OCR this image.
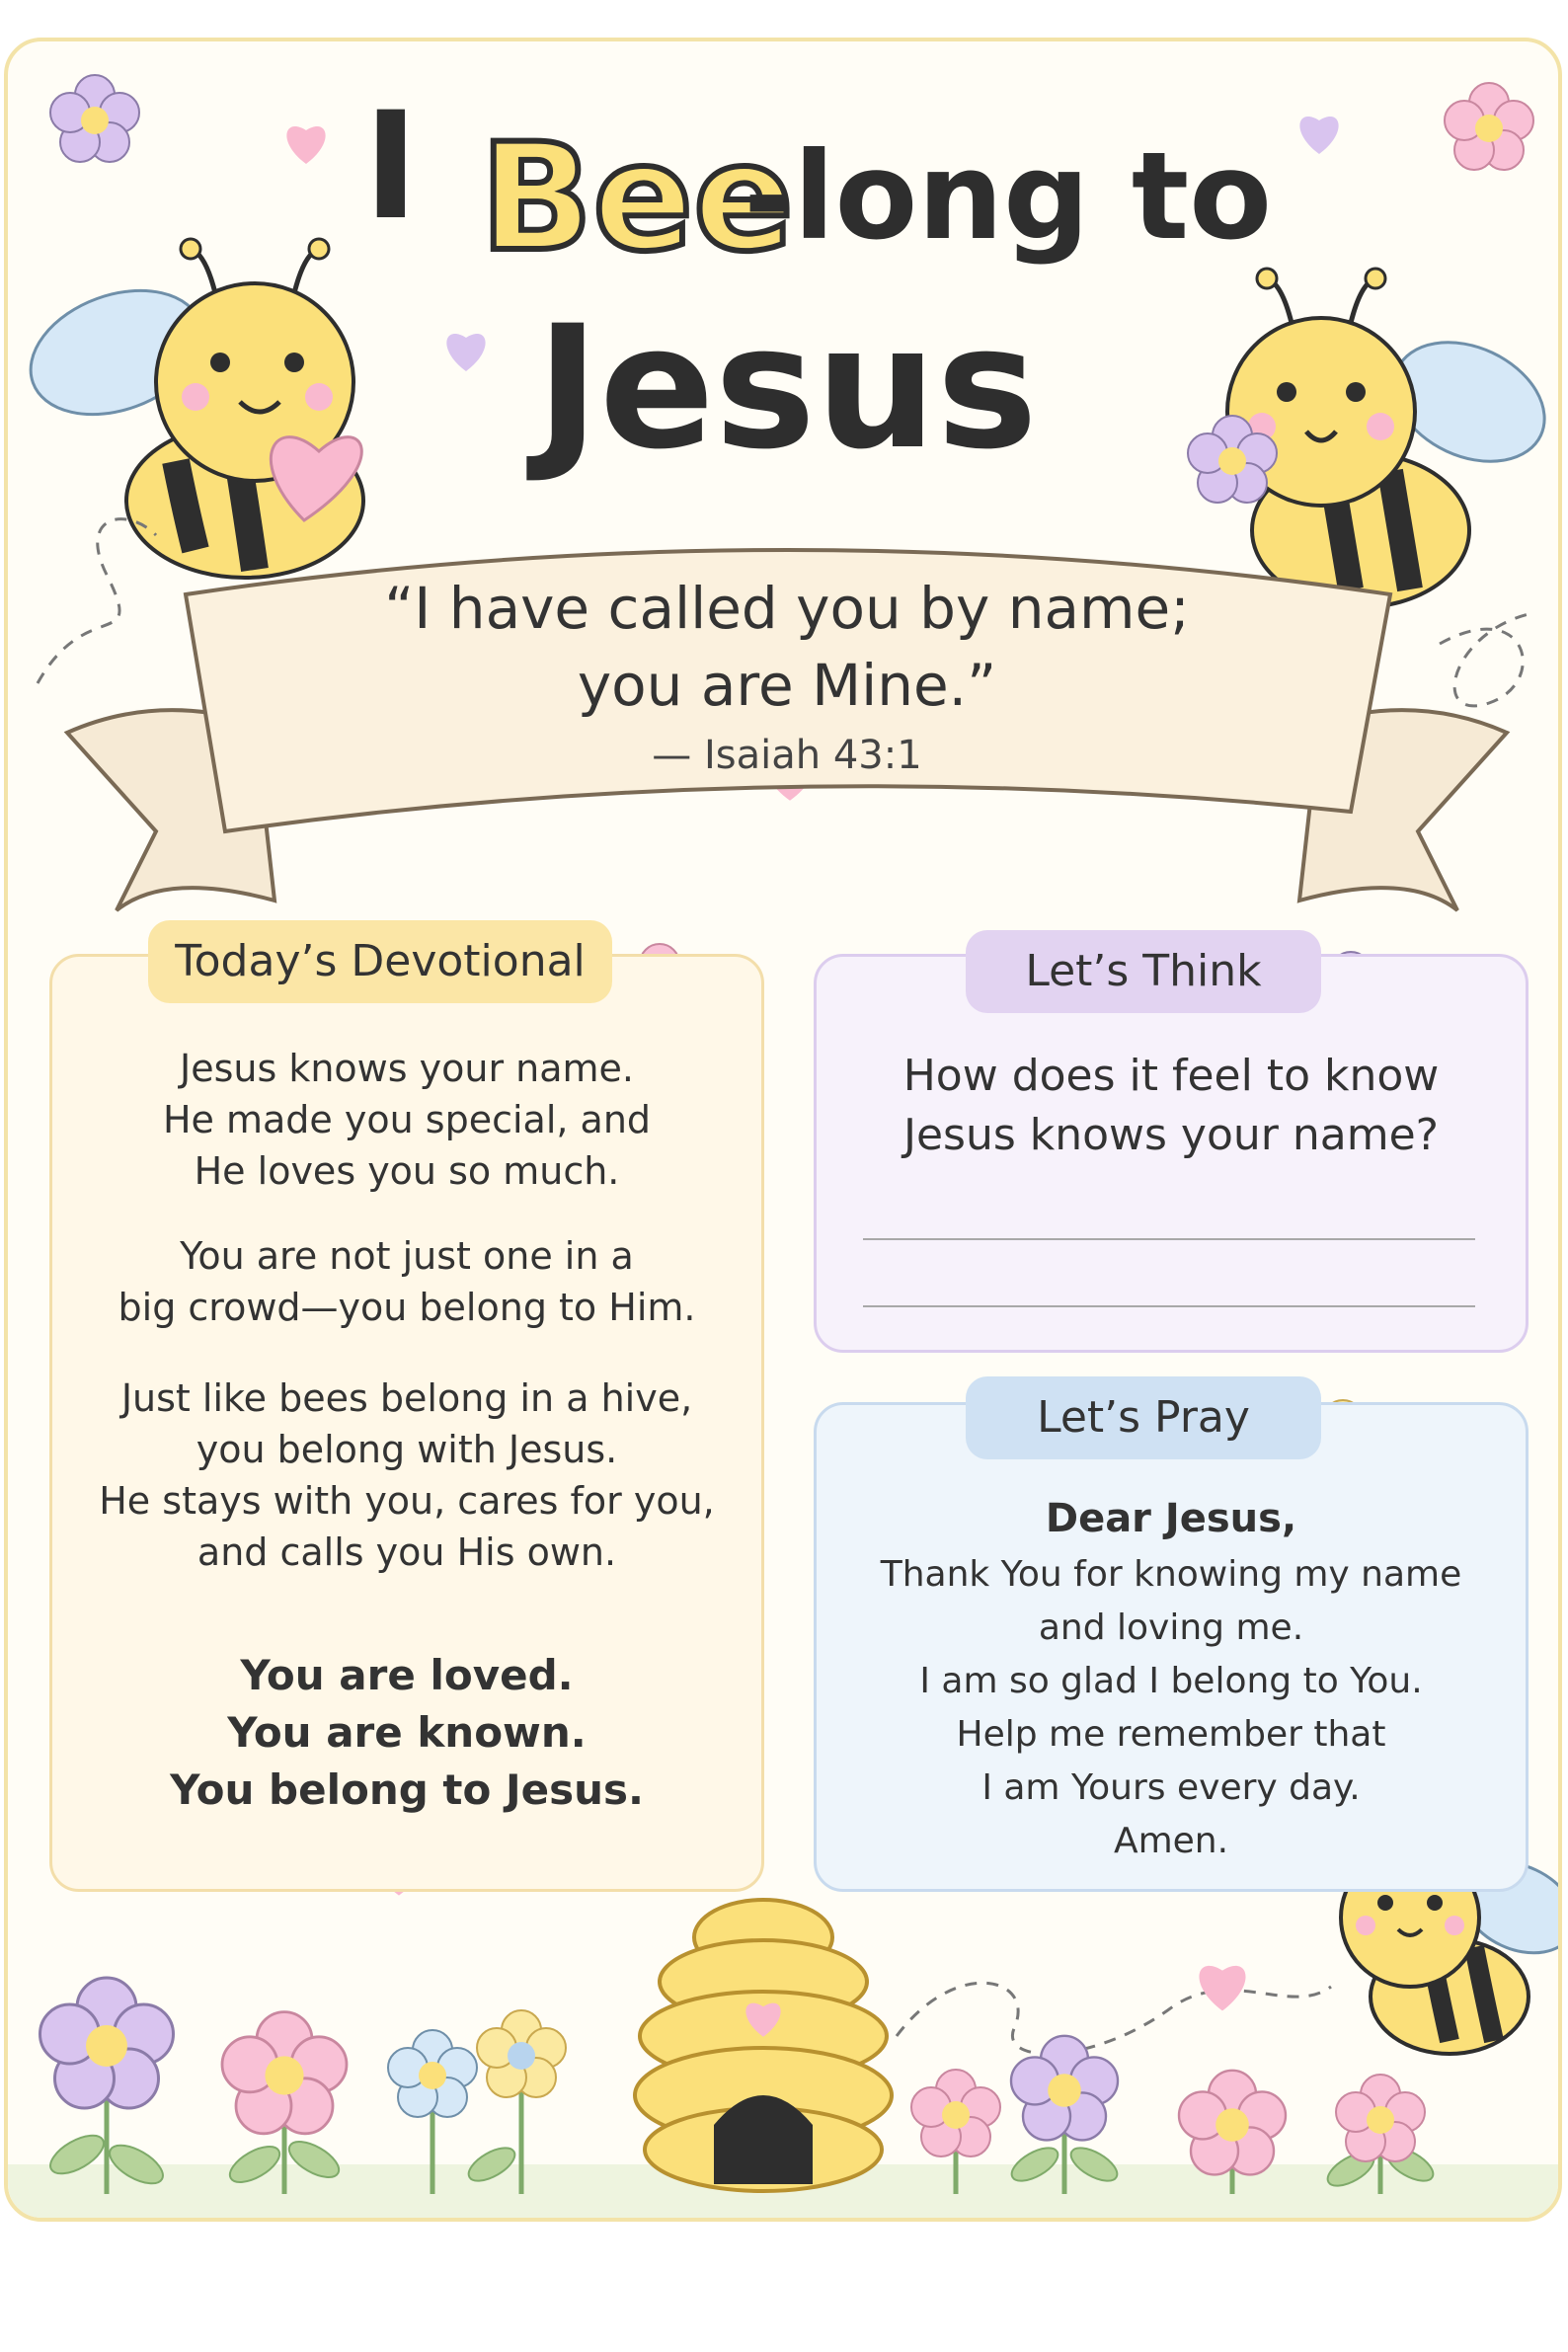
I Bee
-long to
Jesus
“I have called you by name;
you are Mine.”
— Isaiah 43:1
Today’s Devotional
Jesus knows your name.
He made you special, and
He loves you so much.
You are not just one in a
big crowd—you belong to Him.
Just like bees belong in a hive,
you belong with Jesus.
He stays with you, cares for you,
and calls you His own.
You are loved.
You are known.
You belong to Jesus.
Let’s Think
How does it feel to know
Jesus knows your name?
Let’s Pray
Dear Jesus,
Thank You for knowing my name
and loving me.
I am so glad I belong to You.
Help me remember that
I am Yours every day.
Amen.
